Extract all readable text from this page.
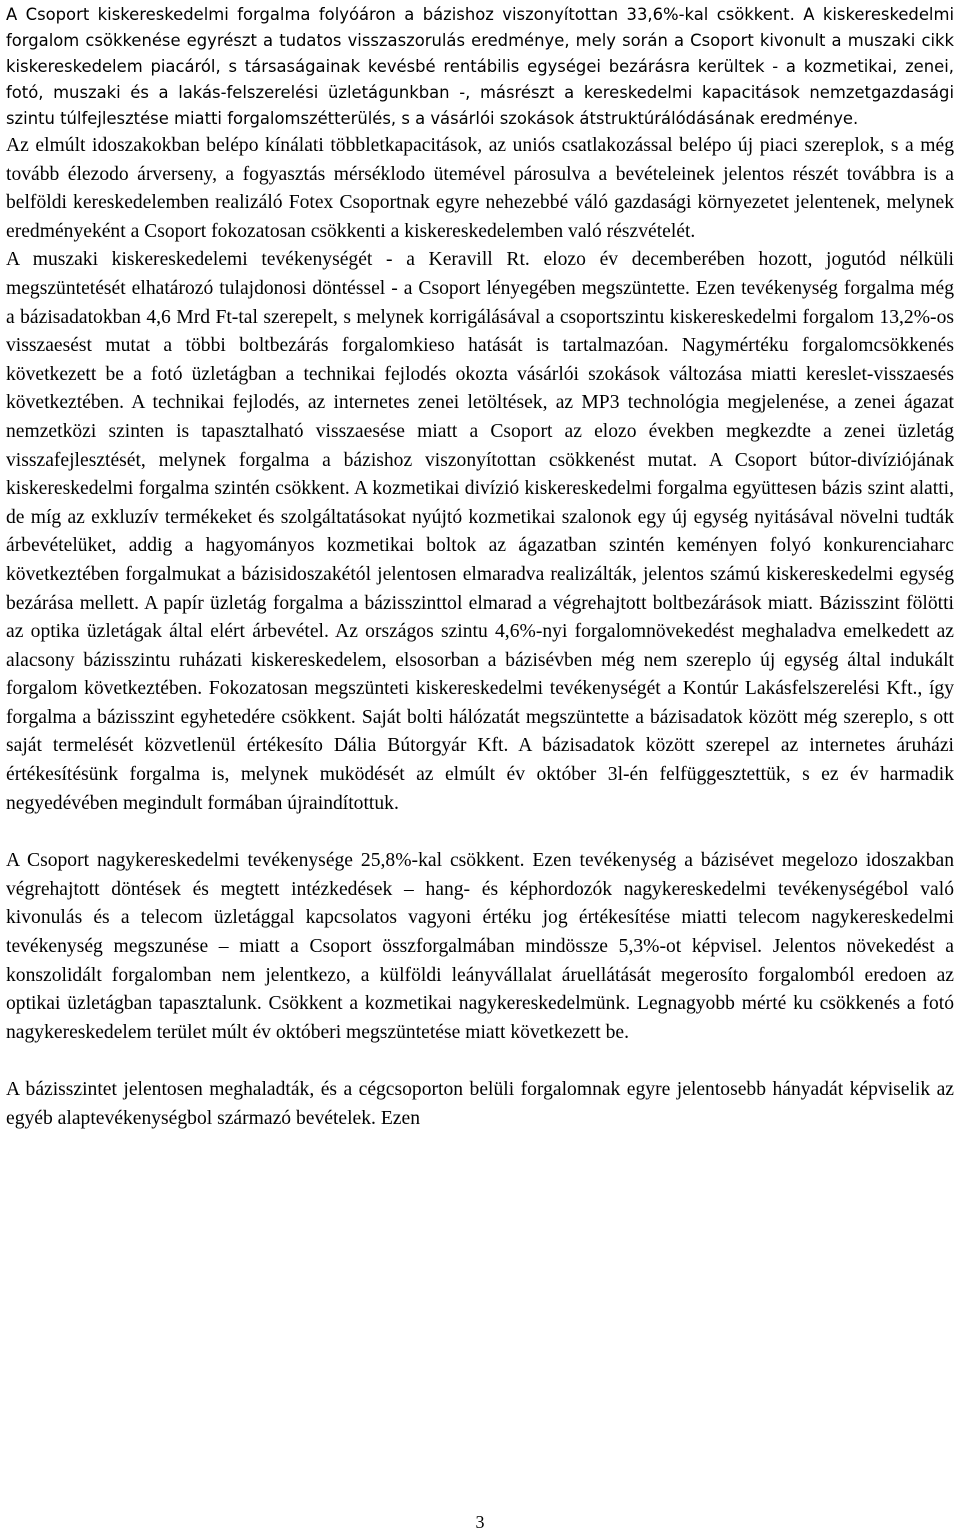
A Csoport kiskereskedelmi forgalma folyóáron a bázishoz viszonyítottan 33,6%-kal csökkent. A kiskereskedelmi forgalom csökkenése egyrészt a tudatos visszaszorulás eredménye, mely során a Csoport kivonult a muszaki cikk kiskereskedelem piacáról, s társaságainak kevésbé rentábilis egységei bezárásra kerültek - a kozmetikai, zenei, fotó, muszaki és a lakás-felszerelési üzletágunkban -, másrészt a kereskedelmi kapacitások nemzetgazdasági szintu túlfejlesztése miatti forgalomszétterülés, s a vásárlói szokások átstruktúrálódásának eredménye.

Az elmúlt idoszakokban belépo kínálati többletkapacitások, az uniós csatlakozással belépo új piaci szereplok, s a még tovább élezodo árverseny, a fogyasztás mérséklodo ütemével párosulva a bevételeinek jelentos részét továbbra is a belföldi kereskedelemben realizáló Fotex Csoportnak egyre nehezebbé váló gazdasági környezetet jelentenek, melynek eredményeként a Csoport fokozatosan csökkenti a kiskereskedelemben való részvételét.

A muszaki kiskereskedelemi tevékenységét - a Keravill Rt. elozo év decemberében hozott, jogutód nélküli megszüntetését elhatározó tulajdonosi döntéssel - a Csoport lényegében megszüntette. Ezen tevékenység forgalma még a bázisadatokban 4,6 Mrd Ft-tal szerepelt, s melynek korrigálásával a csoportszintu kiskereskedelmi forgalom 13,2%-os visszaesést mutat a többi boltbezárás forgalomkieso hatását is tartalmazóan. Nagymértéku forgalomcsökkenés következett be a fotó üzletágban a technikai fejlodés okozta vásárlói szokások változása miatti kereslet-visszaesés következtében. A technikai fejlodés, az internetes zenei letöltések, az MP3 technológia megjelenése, a zenei ágazat nemzetközi szinten is tapasztalható visszaesése miatt a Csoport az elozo években megkezdte a zenei üzletág visszafejlesztését, melynek forgalma a bázishoz viszonyítottan csökkenést mutat. A Csoport bútor-divíziójának kiskereskedelmi forgalma szintén csökkent. A kozmetikai divízió kiskereskedelmi forgalma együttesen bázis szint alatti, de míg az exkluzív termékeket és szolgáltatásokat nyújtó kozmetikai szalonok egy új egység nyitásával növelni tudták árbevételüket, addig a hagyományos kozmetikai boltok az ágazatban szintén keményen folyó konkurenciaharc következtében forgalmukat a bázisidoszakétól jelentosen elmaradva realizálták, jelentos számú kiskereskedelmi egység bezárása mellett. A papír üzletág forgalma a bázisszinttol elmarad a végrehajtott boltbezárások miatt. Bázisszint fölötti az optika üzletágak által elért árbevétel. Az országos szintu 4,6%-nyi forgalomnövekedést meghaladva emelkedett az alacsony bázisszintu ruházati kiskereskedelem, elsosorban a bázisévben még nem szereplo új egység által indukált forgalom következtében. Fokozatosan megszünteti kiskereskedelmi tevékenységét a Kontúr Lakásfelszerelési Kft., így forgalma a bázisszint egyhetedére csökkent. Saját bolti hálózatát megszüntette a bázisadatok között még szereplo, s ott saját termelését közvetlenül értékesíto Dália Bútorgyár Kft. A bázisadatok között szerepel az internetes áruházi értékesítésünk forgalma is, melynek muködését az elmúlt év október 3l-én felfüggesztettük, s ez év harmadik negyedévében megindult formában újraindítottuk.

A Csoport nagykereskedelmi tevékenysége 25,8%-kal csökkent. Ezen tevékenység a bázisévet megelozo idoszakban végrehajtott döntések és megtett intézkedések – hang- és képhordozók nagykereskedelmi tevékenységébol való kivonulás és a telecom üzletággal kapcsolatos vagyoni értéku jog értékesítése miatti telecom nagykereskedelmi tevékenység megszunése – miatt a Csoport összforgalmában mindössze 5,3%-ot képvisel. Jelentos növekedést a konszolidált forgalomban nem jelentkezo, a külföldi leányvállalat áruellátását megerosíto forgalomból eredoen az optikai üzletágban tapasztalunk. Csökkent a kozmetikai nagykereskedelmünk. Legnagyobb mérté ku csökkenés a fotó nagykereskedelem terület múlt év októberi megszüntetése miatt következett be.

A bázisszintet jelentosen meghaladták, és a cégcsoporton belüli forgalomnak egyre jelentosebb hányadát képviselik az egyéb alaptevékenységbol származó bevételek. Ezen

3
